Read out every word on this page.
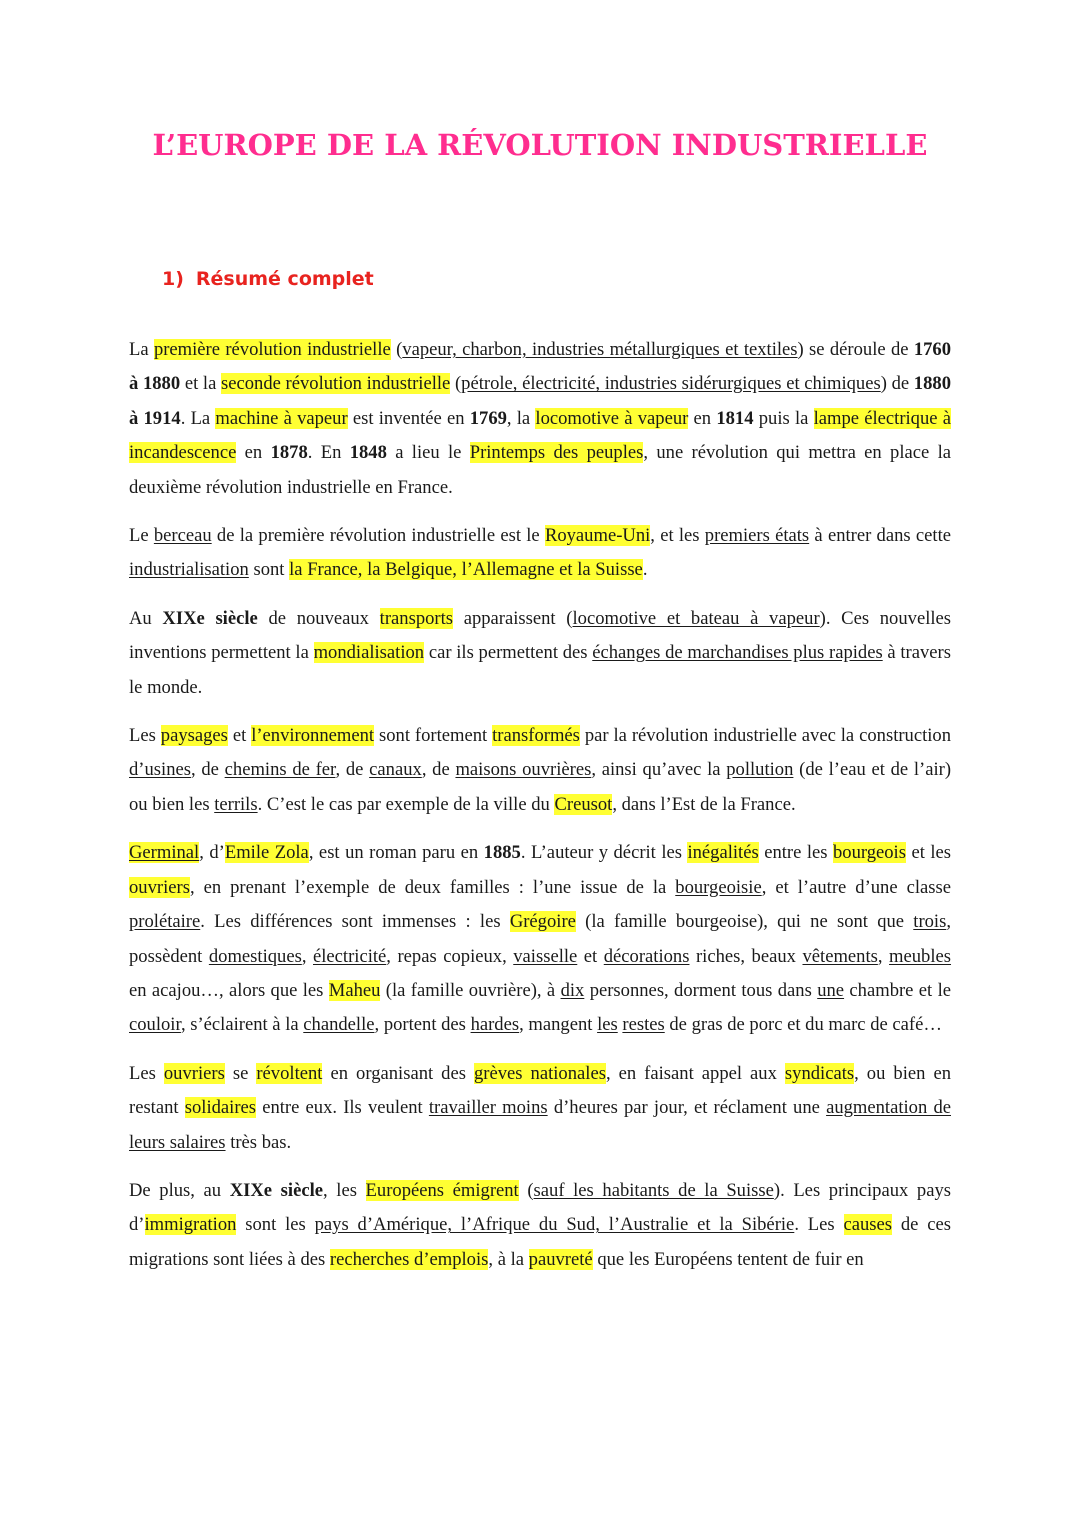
L’EUROPE DE LA RÉVOLUTION INDUSTRIELLE
1) Résumé complet

La première révolution industrielle (vapeur, charbon, industries métallurgiques et textiles) se déroule de 1760 à 1880 et la seconde révolution industrielle (pétrole, électricité, industries sidérurgiques et chimiques) de 1880 à 1914. La machine à vapeur est inventée en 1769, la locomotive à vapeur en 1814 puis la lampe électrique à incandescence en 1878. En 1848 a lieu le Printemps des peuples, une révolution qui mettra en place la deuxième révolution industrielle en France.

Le berceau de la première révolution industrielle est le Royaume-Uni, et les premiers états à entrer dans cette industrialisation sont la France, la Belgique, l’Allemagne et la Suisse.

Au XIXe siècle de nouveaux transports apparaissent (locomotive et bateau à vapeur). Ces nouvelles inventions permettent la mondialisation car ils permettent des échanges de marchandises plus rapides à travers le monde.

Les paysages et l’environnement sont fortement transformés par la révolution industrielle avec la construction d’usines, de chemins de fer, de canaux, de maisons ouvrières, ainsi qu’avec la pollution (de l’eau et de l’air) ou bien les terrils. C’est le cas par exemple de la ville du Creusot, dans l’Est de la France.

Germinal, d’Emile Zola, est un roman paru en 1885. L’auteur y décrit les inégalités entre les bourgeois et les ouvriers, en prenant l’exemple de deux familles : l’une issue de la bourgeoisie, et l’autre d’une classe prolétaire. Les différences sont immenses : les Grégoire (la famille bourgeoise), qui ne sont que trois, possèdent domestiques, électricité, repas copieux, vaisselle et décorations riches, beaux vêtements, meubles en acajou…, alors que les Maheu (la famille ouvrière), à dix personnes, dorment tous dans une chambre et le couloir, s’éclairent à la chandelle, portent des hardes, mangent les restes de gras de porc et du marc de café…

Les ouvriers se révoltent en organisant des grèves nationales, en faisant appel aux syndicats, ou bien en restant solidaires entre eux. Ils veulent travailler moins d’heures par jour, et réclament une augmentation de leurs salaires très bas.

De plus, au XIXe siècle, les Européens émigrent (sauf les habitants de la Suisse). Les principaux pays d’immigration sont les pays d’Amérique, l’Afrique du Sud, l’Australie et la Sibérie. Les causes de ces migrations sont liées à des recherches d’emplois, à la pauvreté que les Européens tentent de fuir en
